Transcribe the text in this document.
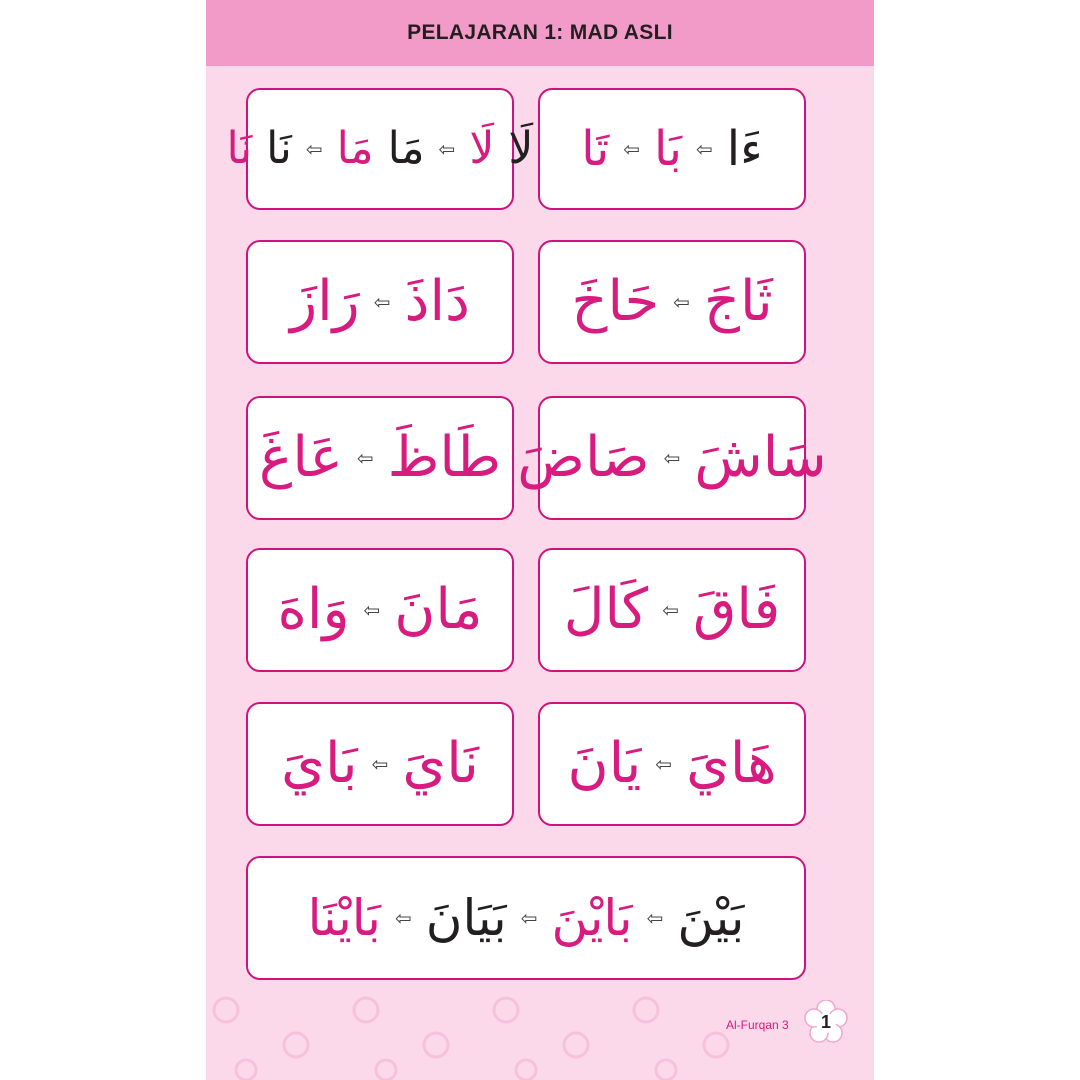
PELAJARAN 1: MAD ASLI
ءَا
⇦
بَا
⇦
تَا
لَا
لَا
⇦
مَا
مَا
⇦
نَا
نَا
ثَاجَ
⇦
حَاخَ
دَاذَ
⇦
رَازَ
سَاشَ
⇦
صَاضَ
طَاظَ
⇦
عَاغَ
فَاقَ
⇦
كَالَ
مَانَ
⇦
وَاهَ
هَايَ
⇦
يَانَ
نَايَ
⇦
بَايَ
بَيْنَ
⇦
بَايْنَ
⇦
بَيَانَ
⇦
بَايْنَا
Al-Furqan 3	1
